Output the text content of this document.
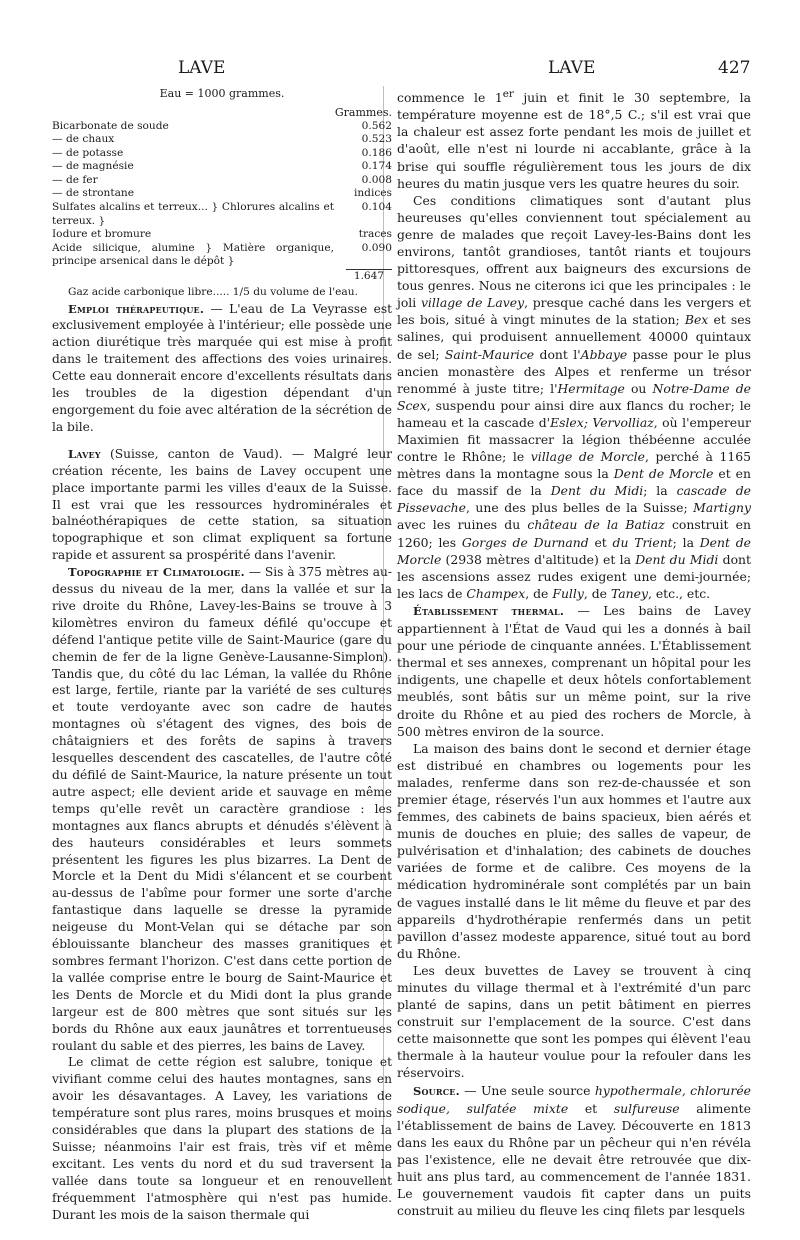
LAVE	LAVE	427
Eau = 1000 grammes.
	Grammes.
Bicarbonate de soude	0.562
— de chaux	0.523
— de potasse	0.186
— de magnésie	0.174
— de fer	0.008
— de strontane	indices
Sulfates alcalins et terreux... } Chlorures alcalins et terreux. }	0.104
Iodure et bromure	traces
Acide silicique, alumine } Matière organique, principe arsenical dans le dépôt }	0.090
	1.647

Gaz acide carbonique libre..... 1/5 du volume de l'eau.

Emploi thérapeutique. — L'eau de La Veyrasse est exclusivement employée à l'intérieur; elle possède une action diurétique très marquée qui est mise à profit dans le traitement des affections des voies urinaires. Cette eau donnerait encore d'excellents résultats dans les troubles de la digestion dépendant d'un engorgement du foie avec altération de la sécrétion de la bile.

Lavey (Suisse, canton de Vaud). — Malgré leur création récente, les bains de Lavey occupent une place importante parmi les villes d'eaux de la Suisse. Il est vrai que les ressources hydrominérales et balnéothérapiques de cette station, sa situation topographique et son climat expliquent sa fortune rapide et assurent sa prospérité dans l'avenir.

Topographie et Climatologie. — Sis à 375 mètres au-dessus du niveau de la mer, dans la vallée et sur la rive droite du Rhône, Lavey-les-Bains se trouve à 3 kilomètres environ du fameux défilé qu'occupe et défend l'antique petite ville de Saint-Maurice (gare du chemin de fer de la ligne Genève-Lausanne-Simplon). Tandis que, du côté du lac Léman, la vallée du Rhône est large, fertile, riante par la variété de ses cultures et toute verdoyante avec son cadre de hautes montagnes où s'étagent des vignes, des bois de châtaigniers et des forêts de sapins à travers lesquelles descendent des cascatelles, de l'autre côté du défilé de Saint-Maurice, la nature présente un tout autre aspect; elle devient aride et sauvage en même temps qu'elle revêt un caractère grandiose : les montagnes aux flancs abrupts et dénudés s'élèvent à des hauteurs considérables et leurs sommets présentent les figures les plus bizarres. La Dent de Morcle et la Dent du Midi s'élancent et se courbent au-dessus de l'abîme pour former une sorte d'arche fantastique dans laquelle se dresse la pyramide neigeuse du Mont-Velan qui se détache par son éblouissante blancheur des masses granitiques et sombres fermant l'horizon. C'est dans cette portion de la vallée comprise entre le bourg de Saint-Maurice et les Dents de Morcle et du Midi dont la plus grande largeur est de 800 mètres que sont situés sur les bords du Rhône aux eaux jaunâtres et torrentueuses roulant du sable et des pierres, les bains de Lavey.

Le climat de cette région est salubre, tonique et vivifiant comme celui des hautes montagnes, sans en avoir les désavantages. A Lavey, les variations de température sont plus rares, moins brusques et moins considérables que dans la plupart des stations de la Suisse; néanmoins l'air est frais, très vif et même excitant. Les vents du nord et du sud traversent la vallée dans toute sa longueur et en renouvellent fréquemment l'atmosphère qui n'est pas humide. Durant les mois de la saison thermale qui

commence le 1er juin et finit le 30 septembre, la température moyenne est de 18°,5 C.; s'il est vrai que la chaleur est assez forte pendant les mois de juillet et d'août, elle n'est ni lourde ni accablante, grâce à la brise qui souffle régulièrement tous les jours de dix heures du matin jusque vers les quatre heures du soir.

Ces conditions climatiques sont d'autant plus heureuses qu'elles conviennent tout spécialement au genre de malades que reçoit Lavey-les-Bains dont les environs, tantôt grandioses, tantôt riants et toujours pittoresques, offrent aux baigneurs des excursions de tous genres. Nous ne citerons ici que les principales : le joli village de Lavey, presque caché dans les vergers et les bois, situé à vingt minutes de la station; Bex et ses salines, qui produisent annuellement 40000 quintaux de sel; Saint-Maurice dont l'Abbaye passe pour le plus ancien monastère des Alpes et renferme un trésor renommé à juste titre; l'Hermitage ou Notre-Dame de Scex, suspendu pour ainsi dire aux flancs du rocher; le hameau et la cascade d'Eslex; Vervolliaz, où l'empereur Maximien fit massacrer la légion thébéenne acculée contre le Rhône; le village de Morcle, perché à 1165 mètres dans la montagne sous la Dent de Morcle et en face du massif de la Dent du Midi; la cascade de Pissevache, une des plus belles de la Suisse; Martigny avec les ruines du château de la Batiaz construit en 1260; les Gorges de Durnand et du Trient; la Dent de Morcle (2938 mètres d'altitude) et la Dent du Midi dont les ascensions assez rudes exigent une demi-journée; les lacs de Champex, de Fully, de Taney, etc., etc.

Établissement thermal. — Les bains de Lavey appartiennent à l'État de Vaud qui les a donnés à bail pour une période de cinquante années. L'Établissement thermal et ses annexes, comprenant un hôpital pour les indigents, une chapelle et deux hôtels confortablement meublés, sont bâtis sur un même point, sur la rive droite du Rhône et au pied des rochers de Morcle, à 500 mètres environ de la source.

La maison des bains dont le second et dernier étage est distribué en chambres ou logements pour les malades, renferme dans son rez-de-chaussée et son premier étage, réservés l'un aux hommes et l'autre aux femmes, des cabinets de bains spacieux, bien aérés et munis de douches en pluie; des salles de vapeur, de pulvérisation et d'inhalation; des cabinets de douches variées de forme et de calibre. Ces moyens de la médication hydrominérale sont complétés par un bain de vagues installé dans le lit même du fleuve et par des appareils d'hydrothérapie renfermés dans un petit pavillon d'assez modeste apparence, situé tout au bord du Rhône.

Les deux buvettes de Lavey se trouvent à cinq minutes du village thermal et à l'extrémité d'un parc planté de sapins, dans un petit bâtiment en pierres construit sur l'emplacement de la source. C'est dans cette maisonnette que sont les pompes qui élèvent l'eau thermale à la hauteur voulue pour la refouler dans les réservoirs.

Source. — Une seule source hypothermale, chlorurée sodique, sulfatée mixte et sulfureuse alimente l'établissement de bains de Lavey. Découverte en 1813 dans les eaux du Rhône par un pêcheur qui n'en révéla pas l'existence, elle ne devait être retrouvée que dix-huit ans plus tard, au commencement de l'année 1831. Le gouvernement vaudois fit capter dans un puits construit au milieu du fleuve les cinq filets par lesquels
